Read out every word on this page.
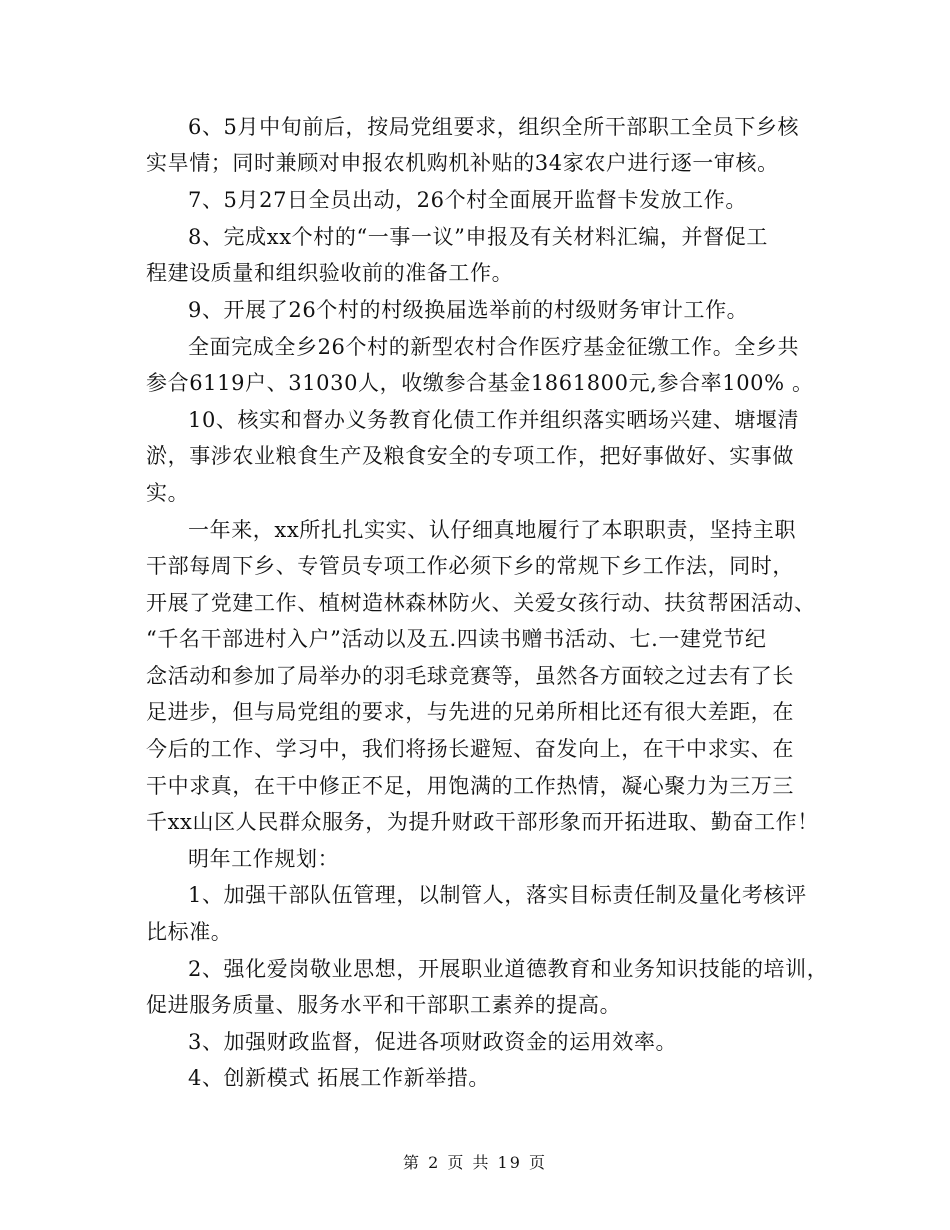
6、5月中旬前后，按局党组要求，组织全所干部职工全员下乡核
实旱情；同时兼顾对申报农机购机补贴的34家农户进行逐一审核。
7、5月27日全员出动，26个村全面展开监督卡发放工作。
8、完成xx个村的“一事一议”申报及有关材料汇编，并督促工
程建设质量和组织验收前的准备工作。
9、开展了26个村的村级换届选举前的村级财务审计工作。
全面完成全乡26个村的新型农村合作医疗基金征缴工作。全乡共
参合6119户、31030人，收缴参合基金1861800元,参合率100% 。
10、核实和督办义务教育化债工作并组织落实晒场兴建、塘堰清
淤，事涉农业粮食生产及粮食安全的专项工作，把好事做好、实事做
实。
一年来，xx所扎扎实实、认仔细真地履行了本职职责，坚持主职
干部每周下乡、专管员专项工作必须下乡的常规下乡工作法，同时，
开展了党建工作、植树造林森林防火、关爱女孩行动、扶贫帮困活动、
“千名干部进村入户”活动以及五.四读书赠书活动、七.一建党节纪
念活动和参加了局举办的羽毛球竞赛等，虽然各方面较之过去有了长
足进步，但与局党组的要求，与先进的兄弟所相比还有很大差距，在
今后的工作、学习中，我们将扬长避短、奋发向上，在干中求实、在
干中求真，在干中修正不足，用饱满的工作热情，凝心聚力为三万三
千xx山区人民群众服务，为提升财政干部形象而开拓进取、勤奋工作！
明年工作规划：
1、加强干部队伍管理，以制管人，落实目标责任制及量化考核评
比标准。
2、强化爱岗敬业思想，开展职业道德教育和业务知识技能的培训，
促进服务质量、服务水平和干部职工素养的提高。
3、加强财政监督，促进各项财政资金的运用效率。
4、创新模式 拓展工作新举措。
第 2 页 共 19 页
